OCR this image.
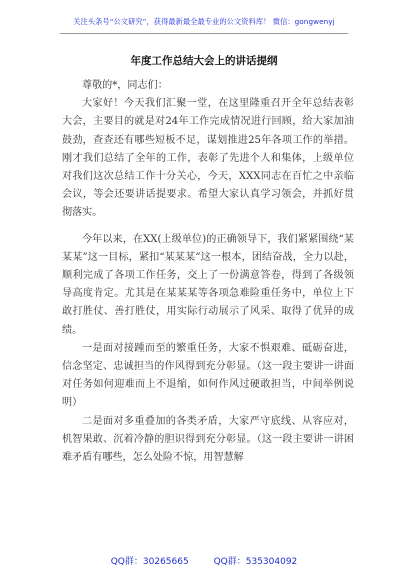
关注头条号“公文研究”，获得最新最全最专业的公文资料库！ 微信：gongwenyj
年度工作总结大会上的讲话提纲

尊敬的*，同志们：

大家好！今天我们汇聚一堂，在这里隆重召开全年总结表彰大会，主要目的就是对24年工作完成情况进行回顾，给大家加油鼓劲，查查还有哪些短板不足，谋划推进25年各项工作的举措。刚才我们总结了全年的工作，表彰了先进个人和集体，上级单位对我们这次总结工作十分关心，今天，XXX同志在百忙之中亲临会议，等会还要讲话提要求。希望大家认真学习领会，并抓好贯彻落实。

今年以来，在XX(上级单位)的正确领导下，我们紧紧围绕“某某某”这一目标，紧扣“某某某”这一根本，团结奋战，全力以赴，顺利完成了各项工作任务，交上了一份满意答卷，得到了各级领导高度肯定。尤其是在某某某等各项急难险重任务中，单位上下敢打胜仗、善打胜仗，用实际行动展示了风采、取得了优异的成绩。

一是面对接踵而至的繁重任务，大家不惧艰难、砥砺奋进，信念坚定、忠诚担当的作风得到充分彰显。（这一段主要讲一讲面对任务如何迎难而上不退缩，如何作风过硬敢担当，中间举例说明）

二是面对多重叠加的各类矛盾，大家严守底线、从容应对，机智果敢、沉着冷静的胆识得到充分彰显。（这一段主要讲一讲困难矛盾有哪些，怎么处险不惊，用智慧解

QQ群：30265665	QQ群：535304092
